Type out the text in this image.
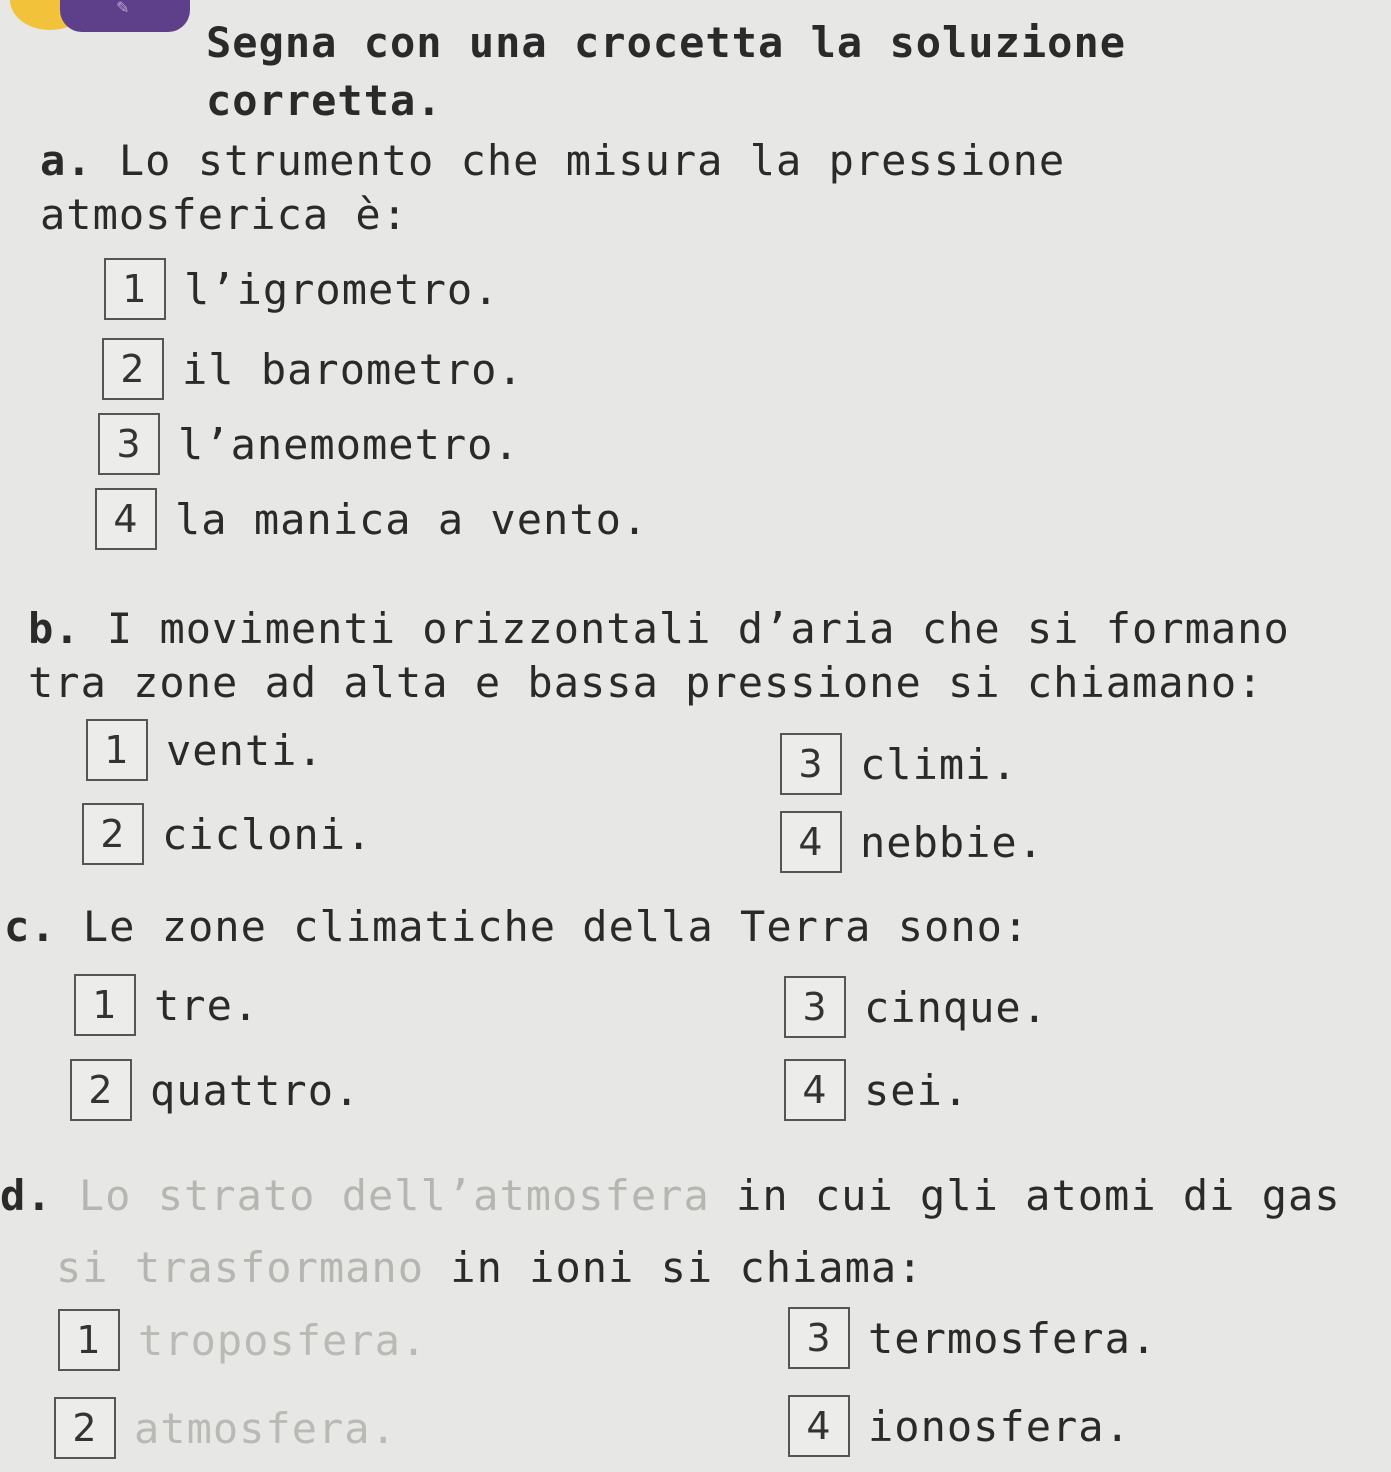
✎
Segna con una crocetta la soluzione corretta.
a. Lo strumento che misura la pressione atmosferica è:
1 l’igrometro.
2 il barometro.
3 l’anemometro.
4 la manica a vento.
b. I movimenti orizzontali d’aria che si formano tra zone ad alta e bassa pressione si chiamano:
1 venti.
2 cicloni.
3 climi.
4 nebbie.
c. Le zone climatiche della Terra sono:
1 tre.
2 quattro.
3 cinque.
4 sei.
d. Lo strato dell’atmosfera in cui gli atomi di gas
si trasformano in ioni si chiama:
1 troposfera.
2 atmosfera.
3 termosfera.
4 ionosfera.
